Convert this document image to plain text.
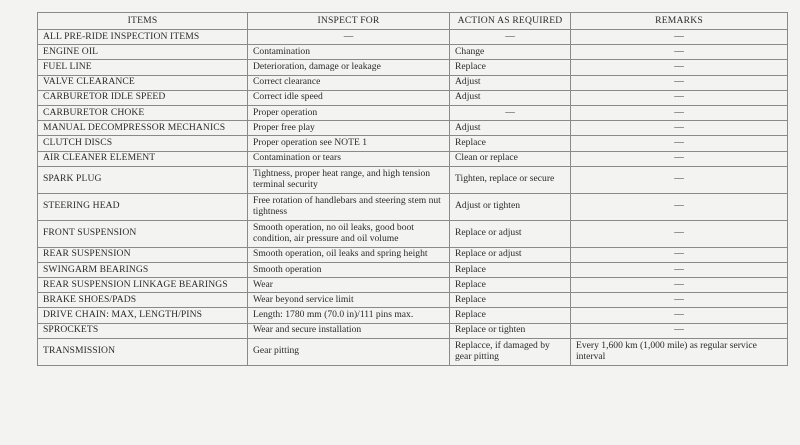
ITEMS	INSPECT FOR	ACTION AS REQUIRED	REMARKS
ALL PRE-RIDE INSPECTION ITEMS	—	—	—
ENGINE OIL	Contamination	Change	—
FUEL LINE	Deterioration, damage or leakage	Replace	—
VALVE CLEARANCE	Correct clearance	Adjust	—
CARBURETOR IDLE SPEED	Correct idle speed	Adjust	—
CARBURETOR CHOKE	Proper operation	—	—
MANUAL DECOMPRESSOR MECHANICS	Proper free play	Adjust	—
CLUTCH DISCS	Proper operation see NOTE 1	Replace	—
AIR CLEANER ELEMENT	Contamination or tears	Clean or replace	—
SPARK PLUG	Tightness, proper heat range, and high tension terminal security	Tighten, replace or secure	—
STEERING HEAD	Free rotation of handlebars and steering stem nut tightness	Adjust or tighten	—
FRONT SUSPENSION	Smooth operation, no oil leaks, good boot condition, air pressure and oil volume	Replace or adjust	—
REAR SUSPENSION	Smooth operation, oil leaks and spring height	Replace or adjust	—
SWINGARM BEARINGS	Smooth operation	Replace	—
REAR SUSPENSION LINKAGE BEARINGS	Wear	Replace	—
BRAKE SHOES/PADS	Wear beyond service limit	Replace	—
DRIVE CHAIN: MAX, LENGTH/PINS	Length: 1780 mm (70.0 in)/111 pins max.	Replace	—
SPROCKETS	Wear and secure installation	Replace or tighten	—
TRANSMISSION	Gear pitting	Replacce, if damaged by gear pitting	Every 1,600 km (1,000 mile) as regular service interval
